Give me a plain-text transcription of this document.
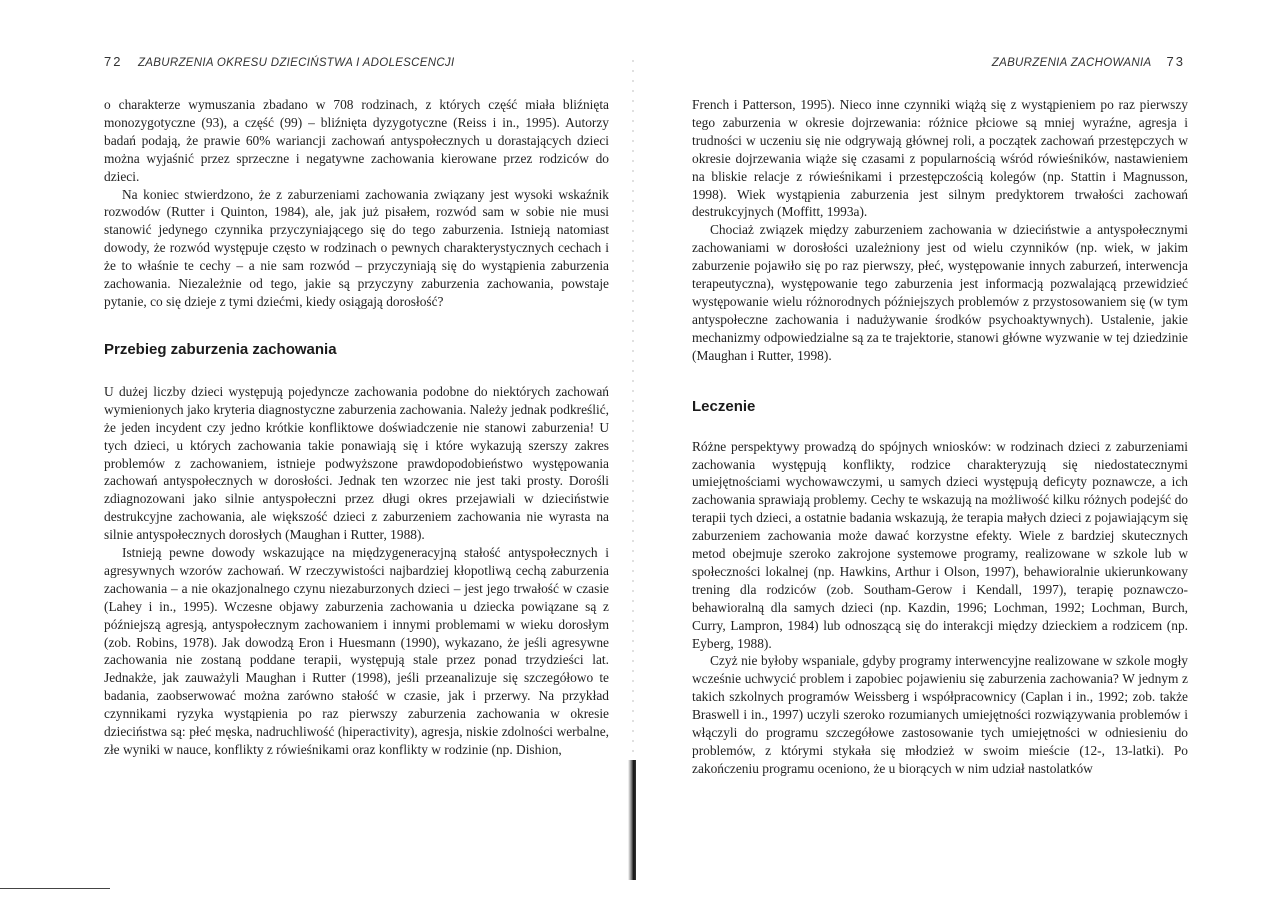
72 ZABURZENIA OKRESU DZIECIŃSTWA I ADOLESCENCJI

o charakterze wymuszania zbadano w 708 rodzinach, z których część miała bliźnięta monozygotyczne (93), a część (99) – bliźnięta dyzygotyczne (Reiss i in., 1995). Autorzy badań podają, że prawie 60% wariancji zachowań antyspołecznych u dorastających dzieci można wyjaśnić przez sprzeczne i negatywne zachowania kierowane przez rodziców do dzieci.

Na koniec stwierdzono, że z zaburzeniami zachowania związany jest wysoki wskaźnik rozwodów (Rutter i Quinton, 1984), ale, jak już pisałem, rozwód sam w sobie nie musi stanowić jedynego czynnika przyczyniającego się do tego zaburzenia. Istnieją natomiast dowody, że rozwód występuje często w rodzinach o pewnych charakterystycznych cechach i że to właśnie te cechy – a nie sam rozwód – przyczyniają się do wystąpienia zaburzenia zachowania. Niezależnie od tego, jakie są przyczyny zaburzenia zachowania, powstaje pytanie, co się dzieje z tymi dziećmi, kiedy osiągają dorosłość?

Przebieg zaburzenia zachowania

U dużej liczby dzieci występują pojedyncze zachowania podobne do niektórych zachowań wymienionych jako kryteria diagnostyczne zaburzenia zachowania. Należy jednak podkreślić, że jeden incydent czy jedno krótkie konfliktowe doświadczenie nie stanowi zaburzenia! U tych dzieci, u których zachowania takie ponawiają się i które wykazują szerszy zakres problemów z zachowaniem, istnieje podwyższone prawdopodobieństwo występowania zachowań antyspołecznych w dorosłości. Jednak ten wzorzec nie jest taki prosty. Dorośli zdiagnozowani jako silnie antyspołeczni przez długi okres przejawiali w dzieciństwie destrukcyjne zachowania, ale większość dzieci z zaburzeniem zachowania nie wyrasta na silnie antyspołecznych dorosłych (Maughan i Rutter, 1988).

Istnieją pewne dowody wskazujące na międzygeneracyjną stałość antyspołecznych i agresywnych wzorów zachowań. W rzeczywistości najbardziej kłopotliwą cechą zaburzenia zachowania – a nie okazjonalnego czynu niezaburzonych dzieci – jest jego trwałość w czasie (Lahey i in., 1995). Wczesne objawy zaburzenia zachowania u dziecka powiązane są z późniejszą agresją, antyspołecznym zachowaniem i innymi problemami w wieku dorosłym (zob. Robins, 1978). Jak dowodzą Eron i Huesmann (1990), wykazano, że jeśli agresywne zachowania nie zostaną poddane terapii, występują stale przez ponad trzydzieści lat. Jednakże, jak zauważyli Maughan i Rutter (1998), jeśli przeanalizuje się szczegółowo te badania, zaobserwować można zarówno stałość w czasie, jak i przerwy. Na przykład czynnikami ryzyka wystąpienia po raz pierwszy zaburzenia zachowania w okresie dzieciństwa są: płeć męska, nadruchliwość (hiperactivity), agresja, niskie zdolności werbalne, złe wyniki w nauce, konflikty z rówieśnikami oraz konflikty w rodzinie (np. Dishion,

ZABURZENIA ZACHOWANIA 73

French i Patterson, 1995). Nieco inne czynniki wiążą się z wystąpieniem po raz pierwszy tego zaburzenia w okresie dojrzewania: różnice płciowe są mniej wyraźne, agresja i trudności w uczeniu się nie odgrywają głównej roli, a początek zachowań przestępczych w okresie dojrzewania wiąże się czasami z popularnością wśród rówieśników, nastawieniem na bliskie relacje z rówieśnikami i przestępczością kolegów (np. Stattin i Magnusson, 1998). Wiek wystąpienia zaburzenia jest silnym predyktorem trwałości zachowań destrukcyjnych (Moffitt, 1993a).

Chociaż związek między zaburzeniem zachowania w dzieciństwie a antyspołecznymi zachowaniami w dorosłości uzależniony jest od wielu czynników (np. wiek, w jakim zaburzenie pojawiło się po raz pierwszy, płeć, występowanie innych zaburzeń, interwencja terapeutyczna), występowanie tego zaburzenia jest informacją pozwalającą przewidzieć występowanie wielu różnorodnych późniejszych problemów z przystosowaniem się (w tym antyspołeczne zachowania i nadużywanie środków psychoaktywnych). Ustalenie, jakie mechanizmy odpowiedzialne są za te trajektorie, stanowi główne wyzwanie w tej dziedzinie (Maughan i Rutter, 1998).

Leczenie

Różne perspektywy prowadzą do spójnych wniosków: w rodzinach dzieci z zaburzeniami zachowania występują konflikty, rodzice charakteryzują się niedostatecznymi umiejętnościami wychowawczymi, u samych dzieci występują deficyty poznawcze, a ich zachowania sprawiają problemy. Cechy te wskazują na możliwość kilku różnych podejść do terapii tych dzieci, a ostatnie badania wskazują, że terapia małych dzieci z pojawiającym się zaburzeniem zachowania może dawać korzystne efekty. Wiele z bardziej skutecznych metod obejmuje szeroko zakrojone systemowe programy, realizowane w szkole lub w społeczności lokalnej (np. Hawkins, Arthur i Olson, 1997), behawioralnie ukierunkowany trening dla rodziców (zob. Southam-Gerow i Kendall, 1997), terapię poznawczo-behawioralną dla samych dzieci (np. Kazdin, 1996; Lochman, 1992; Lochman, Burch, Curry, Lampron, 1984) lub odnoszącą się do interakcji między dzieckiem a rodzicem (np. Eyberg, 1988).

Czyż nie byłoby wspaniale, gdyby programy interwencyjne realizowane w szkole mogły wcześnie uchwycić problem i zapobiec pojawieniu się zaburzenia zachowania? W jednym z takich szkolnych programów Weissberg i współpracownicy (Caplan i in., 1992; zob. także Braswell i in., 1997) uczyli szeroko rozumianych umiejętności rozwiązywania problemów i włączyli do programu szczegółowe zastosowanie tych umiejętności w odniesieniu do problemów, z którymi stykała się młodzież w swoim mieście (12-, 13-latki). Po zakończeniu programu oceniono, że u biorących w nim udział nastolatków
